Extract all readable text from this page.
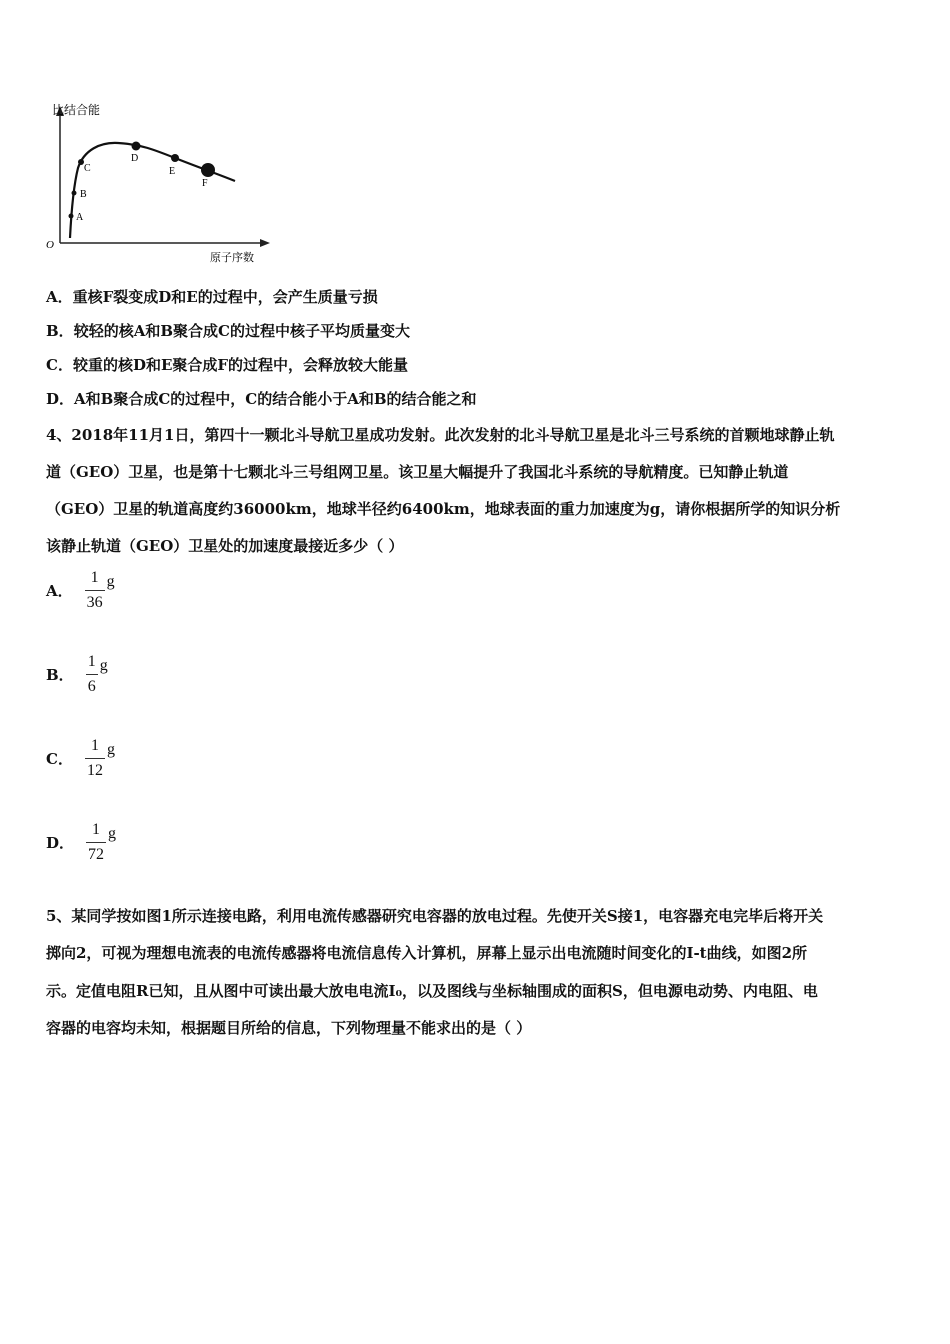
比结合能
O
原子序数
A
B
C
D
E
F
A．重核F裂变成D和E的过程中，会产生质量亏损
B．较轻的核A和B聚合成C的过程中核子平均质量变大
C．较重的核D和E聚合成F的过程中，会释放较大能量
D．A和B聚合成C的过程中，C的结合能小于A和B的结合能之和
4、2018年11月1日，第四十一颗北斗导航卫星成功发射。此次发射的北斗导航卫星是北斗三号系统的首颗地球静止轨
道（GEO）卫星，也是第十七颗北斗三号组网卫星。该卫星大幅提升了我国北斗系统的导航精度。已知静止轨道
（GEO）卫星的轨道高度约36000km，地球半径约6400km，地球表面的重力加速度为g，请你根据所学的知识分析
该静止轨道（GEO）卫星处的加速度最接近多少（ ）
A． $\frac{1}{36}$ g
B． $\frac{1}{6}$ g
C． $\frac{1}{12}$ g
D． $\frac{1}{72}$ g
5、某同学按如图1所示连接电路，利用电流传感器研究电容器的放电过程。先使开关S接1，电容器充电完毕后将开关
掷向2，可视为理想电流表的电流传感器将电流信息传入计算机，屏幕上显示出电流随时间变化的I-t曲线，如图2所
示。定值电阻R已知，且从图中可读出最大放电电流I₀，以及图线与坐标轴围成的面积S，但电源电动势、内电阻、电
容器的电容均未知，根据题目所给的信息，下列物理量不能求出的是（ ）
